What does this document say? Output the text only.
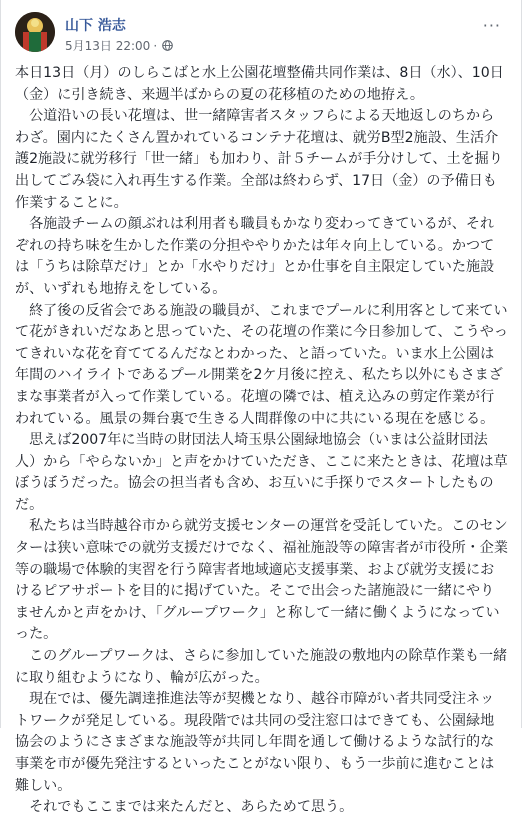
山下 浩志
5月13日 22:00 ·
···

本日13日（月）のしらこばと水上公園花壇整備共同作業は、8日（水）、10日（金）に引き続き、来週半ばからの夏の花移植のための地拵え。

　公道沿いの長い花壇は、世一緒障害者スタッフらによる天地返しのちからわざ。園内にたくさん置かれているコンテナ花壇は、就労B型2施設、生活介護2施設に就労移行「世一緒」も加わり、計５チームが手分けして、土を掘り出してごみ袋に入れ再生する作業。全部は終わらず、17日（金）の予備日も作業することに。

　各施設チームの顔ぶれは利用者も職員もかなり変わってきているが、それぞれの持ち味を生かした作業の分担ややりかたは年々向上している。かつては「うちは除草だけ」とか「水やりだけ」とか仕事を自主限定していた施設が、いずれも地拵えをしている。

　終了後の反省会である施設の職員が、これまでプールに利用客として来ていて花がきれいだなあと思っていた、その花壇の作業に今日参加して、こうやってきれいな花を育ててるんだなとわかった、と語っていた。いま水上公園は年間のハイライトであるプール開業を2ケ月後に控え、私たち以外にもさまざまな事業者が入って作業している。花壇の隣では、植え込みの剪定作業が行われている。風景の舞台裏で生きる人間群像の中に共にいる現在を感じる。

　思えば2007年に当時の財団法人埼玉県公園緑地協会（いまは公益財団法人）から「やらないか」と声をかけていただき、ここに来たときは、花壇は草ぼうぼうだった。協会の担当者も含め、お互いに手探りでスタートしたものだ。

　私たちは当時越谷市から就労支援センターの運営を受託していた。このセンターは狭い意味での就労支援だけでなく、福祉施設等の障害者が市役所・企業等の職場で体験的実習を行う障害者地域適応支援事業、および就労支援におけるピアサポートを目的に掲げていた。そこで出会った諸施設に一緒にやりませんかと声をかけ、「グループワーク」と称して一緒に働くようになっていった。

　このグループワークは、さらに参加していた施設の敷地内の除草作業も一緒に取り組むようになり、輪が広がった。

　現在では、優先調達推進法等が契機となり、越谷市障がい者共同受注ネットワークが発足している。現段階では共同の受注窓口はできても、公園緑地協会のようにさまざまな施設等が共同し年間を通して働けるような試行的な事業を市が優先発注するといったことがない限り、もう一歩前に進むことは難しい。

　それでもここまでは来たんだと、あらためて思う。
